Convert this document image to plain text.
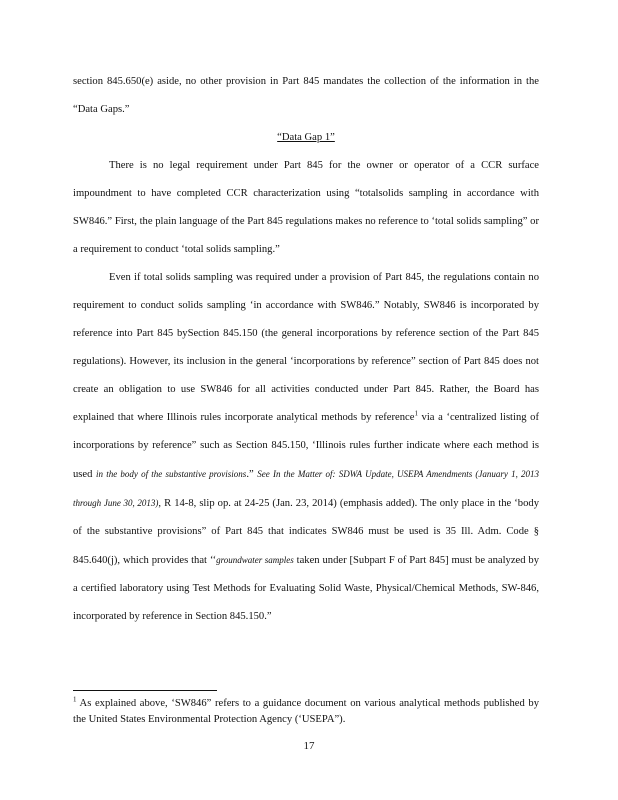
section 845.650(e) aside, no other provision in Part 845 mandates the collection of the information in the “Data Gaps.”

“Data Gap 1”

There is no legal requirement under Part 845 for the owner or operator of a CCR surface impoundment to have completed CCR characterization using “totalsolids sampling in accordance with SW846.” First, the plain language of the Part 845 regulations makes no reference to ‘total solids sampling” or a requirement to conduct ‘total solids sampling.”

Even if total solids sampling was required under a provision of Part 845, the regulations contain no requirement to conduct solids sampling ‘in accordance with SW846.” Notably, SW846 is incorporated by reference into Part 845 bySection 845.150 (the general incorporations by reference section of the Part 845 regulations). However, its inclusion in the general ‘incorporations by reference” section of Part 845 does not create an obligation to use SW846 for all activities conducted under Part 845. Rather, the Board has explained that where Illinois rules incorporate analytical methods by reference$^1$ via a ‘centralized listing of incorporations by reference” such as Section 845.150, ‘Illinois rules further indicate where each method is used in the body of the substantive provisions.” See In the Matter of: SDWA Update, USEPA Amendments (January 1, 2013 through June 30, 2013), R 14-8, slip op. at 24-25 (Jan. 23, 2014) (emphasis added). The only place in the ‘body of the substantive provisions” of Part 845 that indicates SW846 must be used is 35 Ill. Adm. Code § 845.640(j), which provides that ‘‘groundwater samples taken under [Subpart F of Part 845] must be analyzed by a certified laboratory using Test Methods for Evaluating Solid Waste, Physical/Chemical Methods, SW-846, incorporated by reference in Section 845.150.”

$^1$ As explained above, ‘SW846” refers to a guidance document on various analytical methods published by the United States Environmental Protection Agency (‘USEPA”).

17
